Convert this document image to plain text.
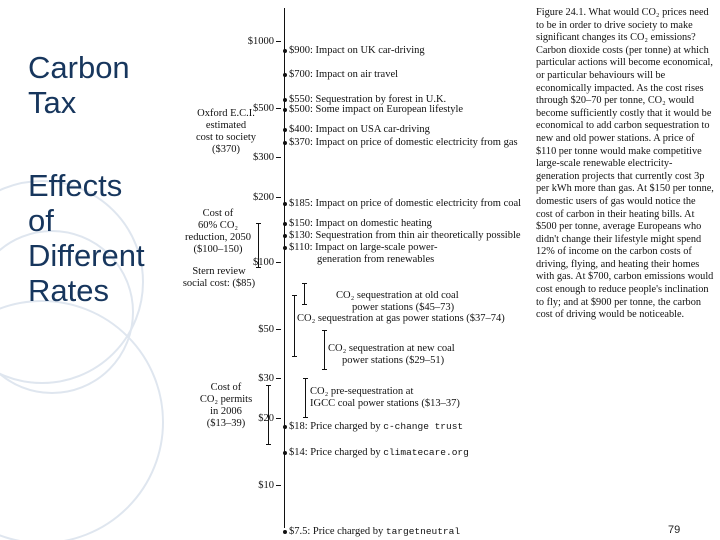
Carbon
Tax
Effects
of
Different
Rates
$1000
$500
$300
$200
$100
$50
$30
$20
$10
$900: Impact on UK car-driving
$700: Impact on air travel
$550: Sequestration by forest in U.K.
$500: Some impact on European lifestyle
$400: Impact on USA car-driving
$370: Impact on price of domestic electricity from gas
$185: Impact on price of domestic electricity from coal
$150: Impact on domestic heating
$130: Sequestration from thin air theoretically possible
$110: Impact on large-scale power-
generation from renewables
CO₂ sequestration at old coal
power stations ($45–73)
CO₂ sequestration at gas power stations ($37–74)
CO₂ sequestration at new coal
power stations ($29–51)
CO₂ pre-sequestration at
IGCC coal power stations ($13–37)
$18: Price charged by c-change trust
$14: Price charged by climatecare.org
$7.5: Price charged by targetneutral
Oxford E.C.I.
estimated
cost to society
($370)
Cost of
60% CO₂
reduction, 2050
($100–150)
Stern review
social cost: ($85)
Cost of
CO₂ permits
in 2006
($13–39)
Figure 24.1. What would CO₂ prices need to be in order to drive society to make significant changes its CO₂ emissions? Carbon dioxide costs (per tonne) at which particular actions will become economical, or particular behaviours will be economically impacted. As the cost rises through $20–70 per tonne, CO₂ would become sufficiently costly that it would be economical to add carbon sequestration to new and old power stations. A price of $110 per tonne would make competitive large-scale renewable electricity-generation projects that currently cost 3p per kWh more than gas. At $150 per tonne, domestic users of gas would notice the cost of carbon in their heating bills. At $500 per tonne, average Europeans who didn't change their lifestyle might spend 12% of income on the carbon costs of driving, flying, and heating their homes with gas. At $700, carbon emissions would cost enough to reduce people's inclination to fly; and at $900 per tonne, the carbon cost of driving would be noticeable.
79
